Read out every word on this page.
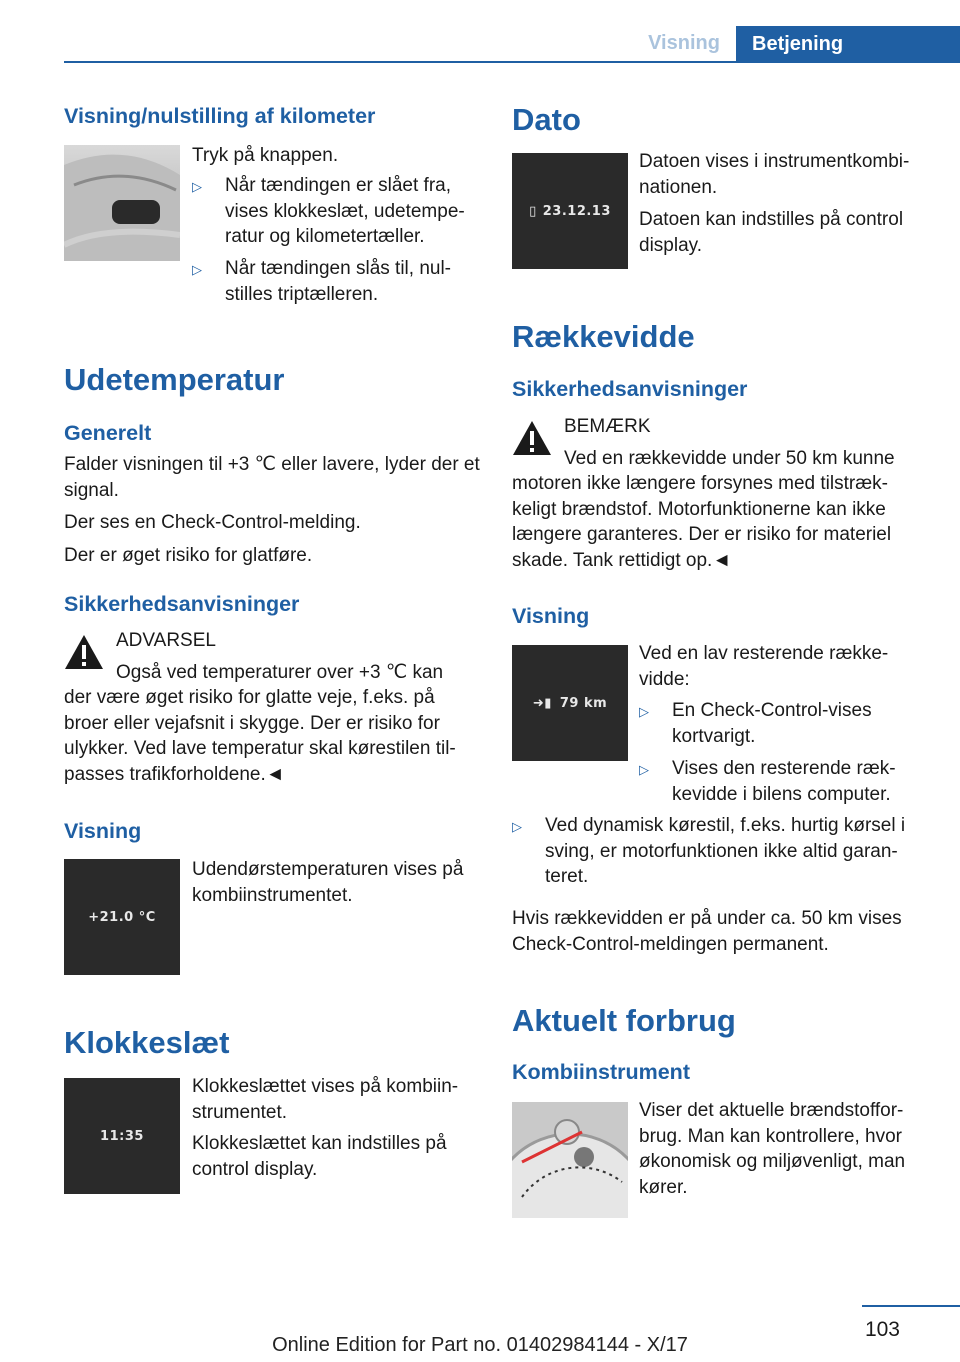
Visning	Betjening
Visning/nulstilling af kilometer
Tryk på knappen.
▷ Når tændingen er slået fra, vises klokkeslæt, udetempe- ratur og kilometertæller.
▷ Når tændingen slås til, nul- stilles triptælleren.
Udetemperatur
Generelt
Falder visningen til +3 ℃ eller lavere, lyder der et signal.
Der ses en Check-Control-melding.
Der er øget risiko for glatføre.
Sikkerhedsanvisninger
ADVARSEL
Også ved temperaturer over +3 ℃ kan
der være øget risiko for glatte veje, f.eks. på broer eller vejafsnit i skygge. Der er risiko for ulykker. Ved lave temperatur skal kørestilen til- passes trafikforholdene.◄
Visning
+21.0 °C
Udendørstemperaturen vises på kombiinstrumentet.
Klokkeslæt
11:35
Klokkeslættet vises på kombiin- strumentet.
Klokkeslættet kan indstilles på control display.
Dato
▯ 23.12.13
Datoen vises i instrumentkombi- nationen.
Datoen kan indstilles på control display.
Rækkevidde
Sikkerhedsanvisninger
BEMÆRK
Ved en rækkevidde under 50 km kunne
motoren ikke længere forsynes med tilstræk- keligt brændstof. Motorfunktionerne kan ikke længere garanteres. Der er risiko for materiel skade. Tank rettidigt op.◄
Visning
➜▮ 79 km
Ved en lav resterende række- vidde:
▷ En Check-Control-vises kortvarigt.
▷ Vises den resterende ræk- kevidde i bilens computer.
▷ Ved dynamisk kørestil, f.eks. hurtig kørsel i sving, er motorfunktionen ikke altid garan- teret.
Hvis rækkevidden er på under ca. 50 km vises Check-Control-meldingen permanent.
Aktuelt forbrug
Kombiinstrument
Viser det aktuelle brændstoffor- brug. Man kan kontrollere, hvor økonomisk og miljøvenligt, man kører.
103
Online Edition for Part no. 01402984144 - X/17
